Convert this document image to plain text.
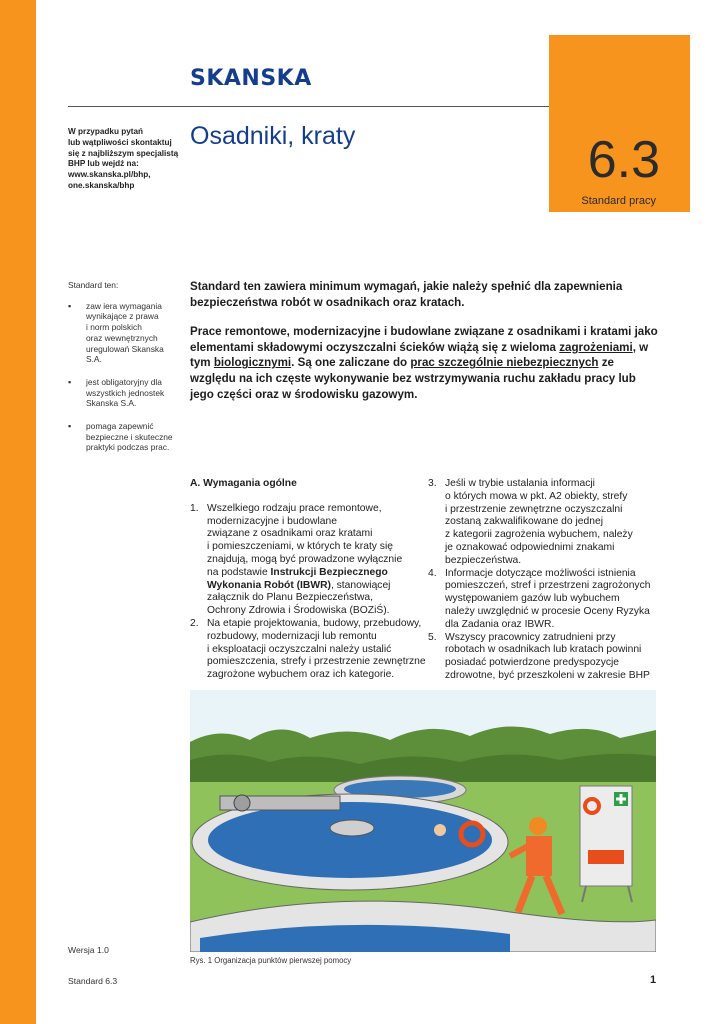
SKANSKA
6.3
Standard pracy
W przypadku pytań
lub wątpliwości skontaktuj
się z najbliższym specjalistą
BHP lub wejdź na:
www.skanska.pl/bhp,
one.skanska/bhp
Osadniki, kraty
Standard ten:
▪ zaw iera wymagania
wynikające z prawa
i norm polskich
oraz wewnętrznych
uregulowań Skanska S.A.
▪ jest obligatoryjny dla
wszystkich jednostek
Skanska S.A.
▪ pomaga zapewnić
bezpieczne i skuteczne
praktyki podczas prac.

Standard ten zawiera minimum wymagań, jakie należy spełnić dla zapewnienia bezpieczeństwa robót w osadnikach oraz kratach.

Prace remontowe, modernizacyjne i budowlane związane z osadnikami i kratami jako elementami składowymi oczyszczalni ścieków wiążą się z wieloma zagrożeniami, w tym biologicznymi. Są one zaliczane do prac szczególnie niebezpiecznych ze względu na ich częste wykonywanie bez wstrzymywania ruchu zakładu pracy lub jego części oraz w środowisku gazowym.

A. Wymagania ogólne
1. Wszelkiego rodzaju prace remontowe,
modernizacyjne i budowlane
związane z osadnikami oraz kratami
i pomieszczeniami, w których te kraty się
znajdują, mogą być prowadzone wyłącznie
na podstawie Instrukcji Bezpiecznego
Wykonania Robót (IBWR), stanowiącej
załącznik do Planu Bezpieczeństwa,
Ochrony Zdrowia i Środowiska (BOZiŚ).
2. Na etapie projektowania, budowy, przebudowy,
rozbudowy, modernizacji lub remontu
i eksploatacji oczyszczalni należy ustalić
pomieszczenia, strefy i przestrzenie zewnętrzne
zagrożone wybuchem oraz ich kategorie.
3. Jeśli w trybie ustalania informacji
o których mowa w pkt. A2 obiekty, strefy
i przestrzenie zewnętrzne oczyszczalni
zostaną zakwalifikowane do jednej
z kategorii zagrożenia wybuchem, należy
je oznakować odpowiednimi znakami
bezpieczeństwa.
4. Informacje dotyczące możliwości istnienia
pomieszczeń, stref i przestrzeni zagrożonych
występowaniem gazów lub wybuchem
należy uwzględnić w procesie Oceny Ryzyka
dla Zadania oraz IBWR.
5. Wszyscy pracownicy zatrudnieni przy
robotach w osadnikach lub kratach powinni
posiadać potwierdzone predyspozycje
zdrowotne, być przeszkoleni w zakresie BHP
Rys. 1 Organizacja punktów pierwszej pomocy
Wersja 1.0
Standard 6.3	1
